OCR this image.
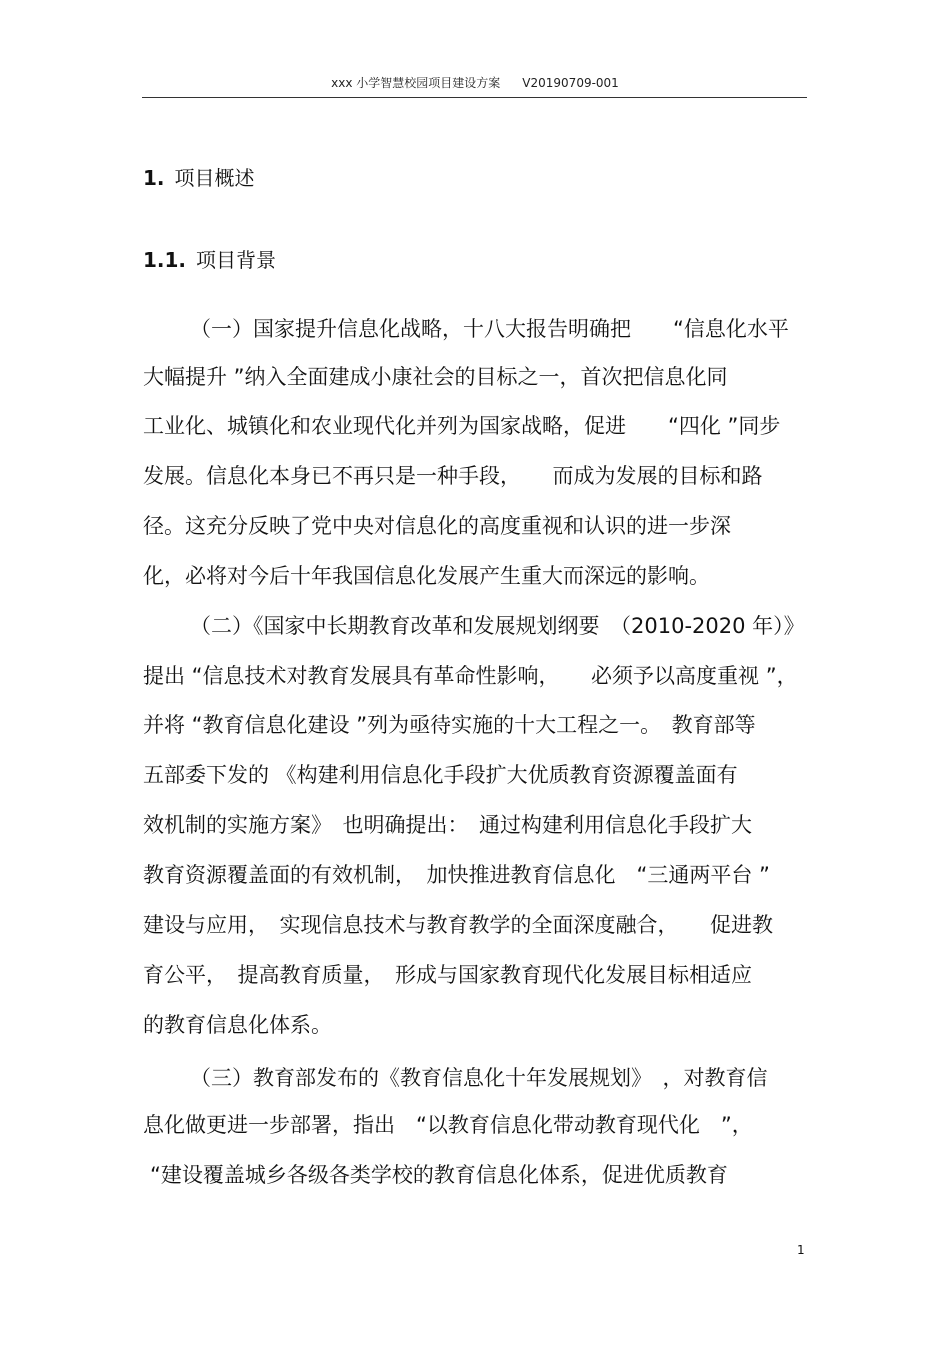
xxx 小学智慧校园项目建设方案 V20190709-001
1. 项目概述
1.1. 项目背景
（一）国家提升信息化战略，十八大报告明确把　　“信息化水平
大幅提升 ”纳入全面建成小康社会的目标之一，首次把信息化同
工业化、城镇化和农业现代化并列为国家战略，促进　　“四化 ”同步
发展。信息化本身已不再只是一种手段，　　而成为发展的目标和路
径。这充分反映了党中央对信息化的高度重视和认识的进一步深
化，必将对今后十年我国信息化发展产生重大而深远的影响。
（二）《国家中长期教育改革和发展规划纲要　（2010-2020 年）》
提出 “信息技术对教育发展具有革命性影响，　　必须予以高度重视 ”，
并将 “教育信息化建设 ”列为亟待实施的十大工程之一。　教育部等
五部委下发的 《构建利用信息化手段扩大优质教育资源覆盖面有
效机制的实施方案》　也明确提出：　通过构建利用信息化手段扩大
教育资源覆盖面的有效机制，　加快推进教育信息化　“三通两平台 ”
建设与应用，　实现信息技术与教育教学的全面深度融合，　　促进教
育公平，　提高教育质量，　形成与国家教育现代化发展目标相适应
的教育信息化体系。
（三）教育部发布的《教育信息化十年发展规划》　，对教育信
息化做更进一步部署，指出　“以教育信息化带动教育现代化　”，
“建设覆盖城乡各级各类学校的教育信息化体系，促进优质教育
1
